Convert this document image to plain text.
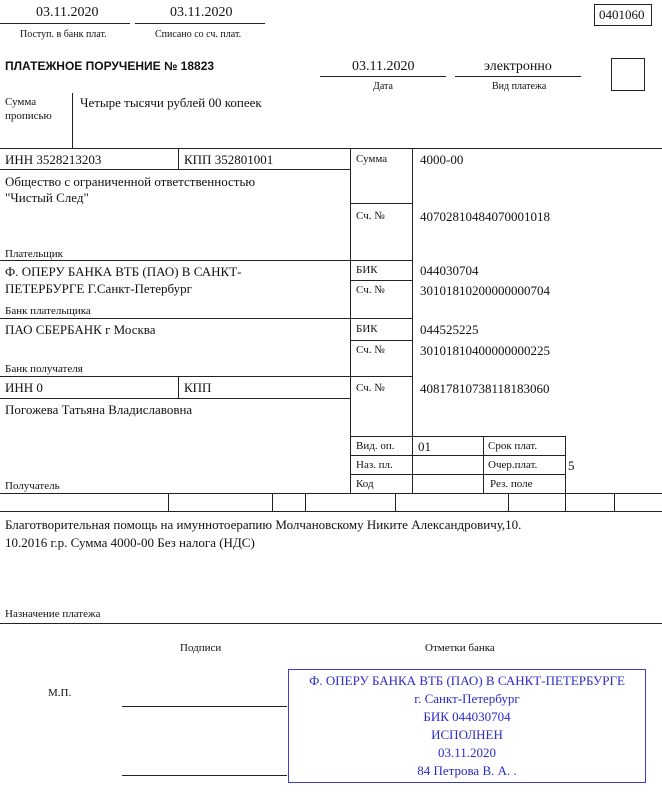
03.11.2020
Поступ. в банк плат.
03.11.2020
Списано со сч. плат.
0401060
ПЛАТЕЖНОЕ ПОРУЧЕНИЕ № 18823	03.11.2020
Дата
электронно
Вид платежа
Сумма
прописью
Четыре тысячи рублей 00 копеек
ИНН 3528213203	КПП 352801001	Сумма	4000-00
Общество с ограниченной ответственностью
"Чистый След"
Сч. №	40702810484070001018
Плательщик
Ф. ОПЕРУ БАНКА ВТБ (ПАО) В САНКТ-
ПЕТЕРБУРГЕ Г.Санкт-Петербург
БИК	044030704
Сч. №	30101810200000000704
Банк плательщика
ПАО СБЕРБАНК г Москва	БИК	044525225
Сч. №	30101810400000000225
Банк получателя
ИНН 0	КПП	Сч. №	40817810738118183060
Погожева Татьяна Владиславовна
Получатель
Вид. оп. 01	Срок плат.
Наз. пл.	Очер.плат. 5
Код	Рез. поле
Благотворительная помощь на имуннотоерапию Молчановскому Никите Александровичу,10.
10.2016 г.р. Сумма 4000-00 Без налога (НДС)
Назначение платежа
Подписи	Отметки банка
М.П.
Ф. ОПЕРУ БАНКА ВТБ (ПАО) В САНКТ-ПЕТЕРБУРГЕ
г. Санкт-Петербург
БИК 044030704
ИСПОЛНЕН
03.11.2020
84 Петрова В. А. .
